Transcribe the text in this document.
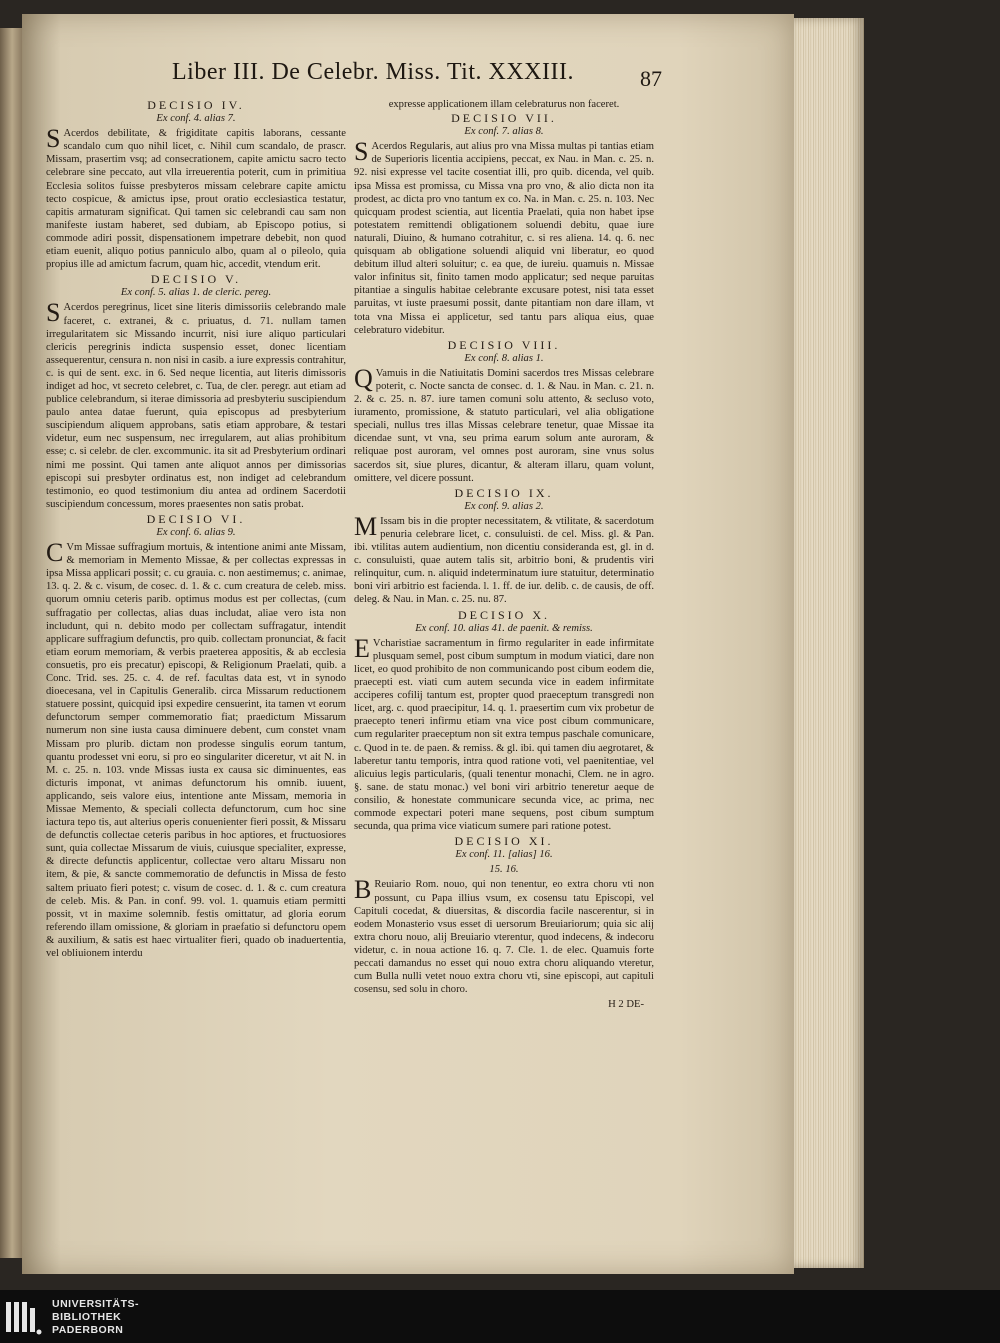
Liber III. De Celebr. Miss. Tit. XXXIII.	87

DECISIO IV.

Ex conf. 4. alias 7.

S Acerdos debilitate, & frigiditate capitis laborans, cessante scandalo cum quo nihil licet, c. Nihil cum scandalo, de prascr. Missam, prasertim vsq; ad consecrationem, capite amictu sacro tecto celebrare sine peccato, aut vlla irreuerentia poterit, cum in primitiua Ecclesia solitos fuisse presbyteros missam celebrare capite amictu tecto cospicue, & amictus ipse, prout oratio ecclesiastica testatur, capitis armaturam significat. Qui tamen sic celebrandi cau sam non manifeste iustam haberet, sed dubiam, ab Episcopo potius, si commode adiri possit, dispensationem impetrare debebit, non quod etiam euenit, aliquo potius panniculo albo, quam al o pileolo, quia propius ille ad amictum facrum, quam hic, accedit, vtendum erit.

DECISIO V.

Ex conf. 5. alias 1. de cleric. pereg.

S Acerdos peregrinus, licet sine literis dimissoriis celebrando male faceret, c. extranei, & c. priuatus, d. 71. nullam tamen irregularitatem sic Missando incurrit, nisi iure aliquo particulari clericis peregrinis indicta suspensio esset, donec licentiam assequerentur, censura n. non nisi in casib. a iure expressis contrahitur, c. is qui de sent. exc. in 6. Sed neque licentia, aut literis dimissoris indiget ad hoc, vt secreto celebret, c. Tua, de cler. peregr. aut etiam ad publice celebrandum, si iterae dimissoria ad presbyteriu suscipiendum paulo antea datae fuerunt, quia episcopus ad presbyterium suscipiendum aliquem approbans, satis etiam approbare, & testari videtur, eum nec suspensum, nec irregularem, aut alias prohibitum esse; c. si celebr. de cler. excommunic. ita sit ad Presbyterium ordinari nimi me possint. Qui tamen ante aliquot annos per dimissorias episcopi sui presbyter ordinatus est, non indiget ad celebrandum testimonio, eo quod testimonium diu antea ad ordinem Sacerdotii suscipiendum concessum, mores praesentes non satis probat.

DECISIO VI.

Ex conf. 6. alias 9.

C Vm Missae suffragium mortuis, & intentione animi ante Missam, & memoriam in Memento Missae, & per collectas expressas in ipsa Missa applicari possit; c. cu grauia. c. non aestimemus; c. animae, 13. q. 2. & c. visum, de cosec. d. 1. & c. cum creatura de celeb. miss. quorum omniu ceteris parib. optimus modus est per collectas, (cum suffragatio per collectas, alias duas includat, aliae vero ista non includunt, qui n. debito modo per collectam suffragatur, intendit applicare suffragium defunctis, pro quib. collectam pronunciat, & facit etiam eorum memoriam, & verbis praeterea appositis, & ab ecclesia consuetis, pro eis precatur) episcopi, & Religionum Praelati, quib. a Conc. Trid. ses. 25. c. 4. de ref. facultas data est, vt in synodo dioecesana, vel in Capitulis Generalib. circa Missarum reductionem statuere possint, quicquid ipsi expedire censuerint, ita tamen vt eorum defunctorum semper commemoratio fiat; praedictum Missarum numerum non sine iusta causa diminuere debent, cum constet vnam Missam pro plurib. dictam non prodesse singulis eorum tantum, quantu prodesset vni eoru, si pro eo singulariter diceretur, vt ait N. in M. c. 25. n. 103. vnde Missas iusta ex causa sic diminuentes, eas dicturis imponat, vt animas defunctorum his omnib. iuuent, applicando, seis valore eius, intentione ante Missam, memoria in Missae Memento, & speciali collecta defunctorum, cum hoc sine iactura tepo tis, aut alterius operis conuenienter fieri possit, & Missaru de defunctis collectae ceteris paribus in hoc aptiores, et fructuosiores sunt, quia collectae Missarum de viuis, cuiusque specialiter, expresse, & directe defunctis applicentur, collectae vero altaru Missaru non item, & pie, & sancte commemoratio de defunctis in Missa de festo saltem priuato fieri potest; c. visum de cosec. d. 1. & c. cum creatura de celeb. Mis. & Pan. in conf. 99. vol. 1. quamuis etiam permitti possit, vt in maxime solemnib. festis omittatur, ad gloria eorum referendo illam omissione, & gloriam in praefatio si defunctoru opem & auxilium, & satis est haec virtualiter fieri, quado ob inaduertentia, vel obliuionem interdu

expresse applicationem illam celebraturus non faceret.

DECISIO VII.

Ex conf. 7. alias 8.

S Acerdos Regularis, aut alius pro vna Missa multas pi tantias etiam de Superioris licentia accipiens, peccat, ex Nau. in Man. c. 25. n. 92. nisi expresse vel tacite cosentiat illi, pro quib. dicenda, vel quib. ipsa Missa est promissa, cu Missa vna pro vno, & alio dicta non ita prodest, ac dicta pro vno tantum ex co. Na. in Man. c. 25. n. 103. Nec quicquam prodest scientia, aut licentia Praelati, quia non habet ipse potestatem remittendi obligationem soluendi debitu, quae iure naturali, Diuino, & humano cotrahitur, c. si res aliena. 14. q. 6. nec quisquam ab obligatione soluendi aliquid vni liberatur, eo quod debitum illud alteri soluitur; c. ea que, de iureiu. quamuis n. Missae valor infinitus sit, finito tamen modo applicatur; sed neque paruitas pitantiae a singulis habitae celebrante excusare potest, nisi tata esset paruitas, vt iuste praesumi possit, dante pitantiam non dare illam, vt tota vna Missa ei applicetur, sed tantu pars aliqua eius, quae celebraturo videbitur.

DECISIO VIII.

Ex conf. 8. alias 1.

Q Vamuis in die Natiuitatis Domini sacerdos tres Missas celebrare poterit, c. Nocte sancta de consec. d. 1. & Nau. in Man. c. 21. n. 2. & c. 25. n. 87. iure tamen comuni solu attento, & secluso voto, iuramento, promissione, & statuto particulari, vel alia obligatione speciali, nullus tres illas Missas celebrare tenetur, quae Missae ita dicendae sunt, vt vna, seu prima earum solum ante auroram, & reliquae post auroram, vel omnes post auroram, sine vnus solus sacerdos sit, siue plures, dicantur, & alteram illaru, quam volunt, omittere, vel dicere possunt.

DECISIO IX.

Ex conf. 9. alias 2.

M Issam bis in die propter necessitatem, & vtilitate, & sacerdotum penuria celebrare licet, c. consuluisti. de cel. Miss. gl. & Pan. ibi. vtilitas autem audientium, non dicentiu consideranda est, gl. in d. c. consuluisti, quae autem talis sit, arbitrio boni, & prudentis viri relinquitur, cum. n. aliquid indeterminatum iure statuitur, determinatio boni viri arbitrio est facienda. l. 1. ff. de iur. delib. c. de causis, de off. deleg. & Nau. in Man. c. 25. nu. 87.

DECISIO X.

Ex conf. 10. alias 41. de paenit. & remiss.

E Vcharistiae sacramentum in firmo regulariter in eade infirmitate plusquam semel, post cibum sumptum in modum viatici, dare non licet, eo quod prohibito de non communicando post cibum eodem die, praecepti est. viati cum autem secunda vice in eadem infirmitate acciperes cofilij tantum est, propter quod praeceptum transgredi non licet, arg. c. quod praecipitur, 14. q. 1. praesertim cum vix probetur de praecepto teneri infirmu etiam vna vice post cibum communicare, cum regulariter praeceptum non sit extra tempus paschale comunicare, c. Quod in te. de paen. & remiss. & gl. ibi. qui tamen diu aegrotaret, & laberetur tantu temporis, intra quod ratione voti, vel paenitentiae, vel alicuius legis particularis, (quali tenentur monachi, Clem. ne in agro. §. sane. de statu monac.) vel boni viri arbitrio teneretur aeque de consilio, & honestate communicare secunda vice, ac prima, nec commode expectari poteri mane sequens, post cibum sumptum secunda, qua prima vice viaticum sumere pari ratione potest.

DECISIO XI.

Ex conf. 11. [alias] 16.

15. 16.

B Reuiario Rom. nouo, qui non tenentur, eo extra choru vti non possunt, cu Papa illius vsum, ex cosensu tatu Episcopi, vel Capituli cocedat, & diuersitas, & discordia facile nascerentur, si in eodem Monasterio vsus esset di uersorum Breuiariorum; quia sic alij extra choru nouo, alij Breuiario vterentur, quod indecens, & indecoru videtur, c. in noua actione 16. q. 7. Cle. 1. de elec. Quamuis forte peccati damandus no esset qui nouo extra choru aliquando vteretur, cum Bulla nulli vetet nouo extra choru vti, sine episcopi, aut capituli cosensu, sed solu in choro.

H 2 DE-
UNIVERSITÄTS-
BIBLIOTHEK
PADERBORN
